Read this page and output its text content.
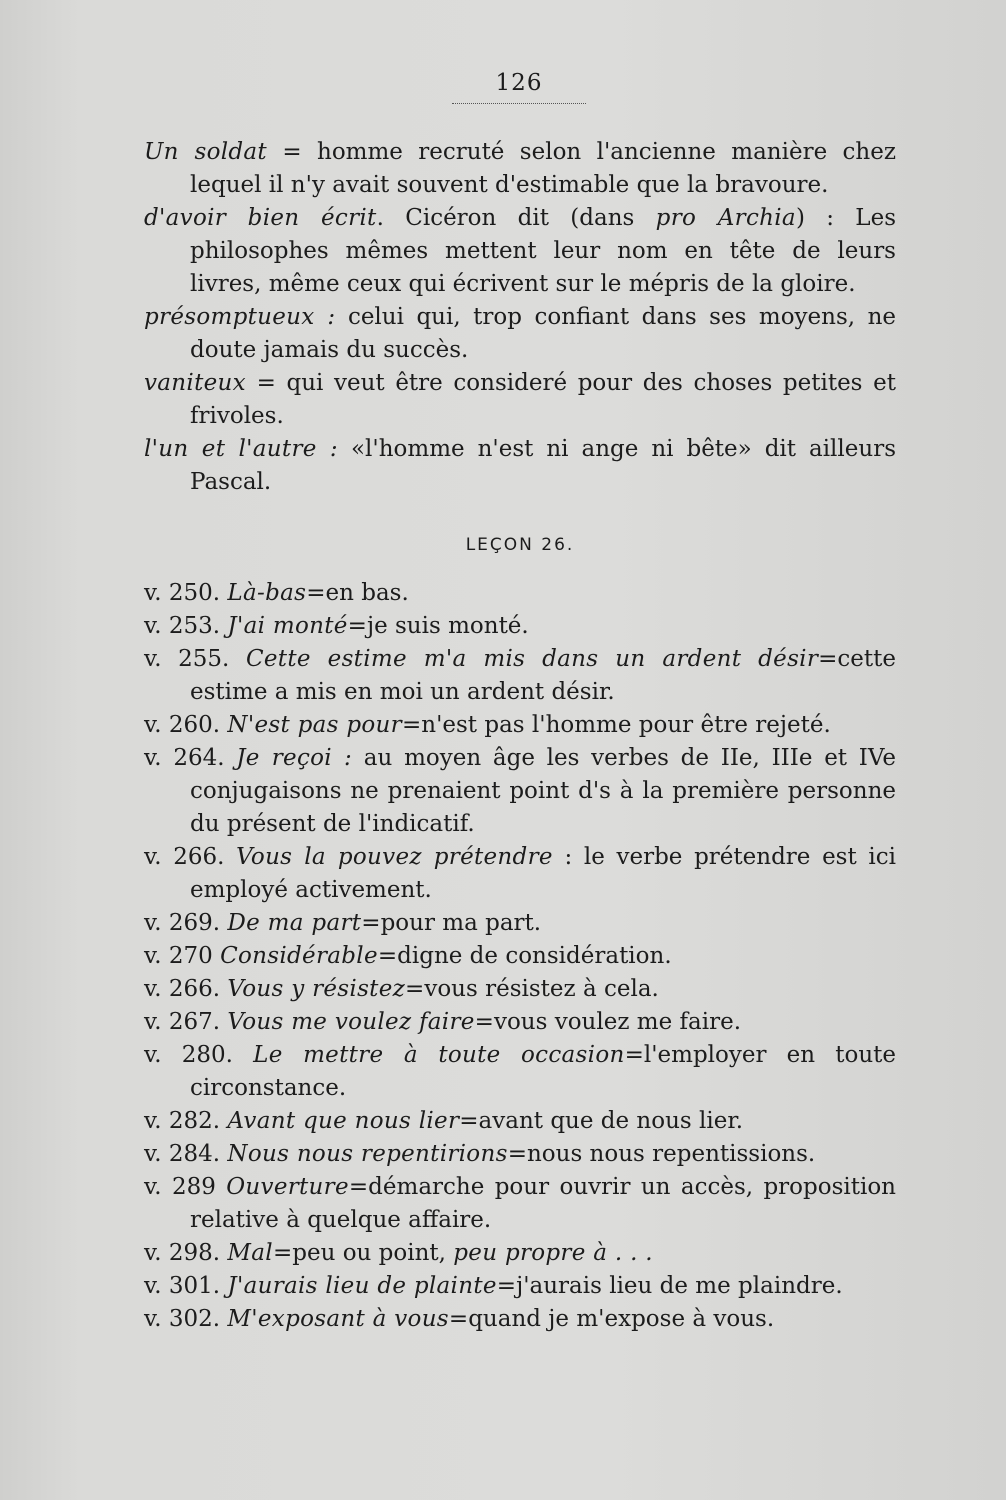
126

Un soldat = homme recruté selon l'ancienne manière chez lequel il n'y avait souvent d'estimable que la bravoure.

d'avoir bien écrit. Cicéron dit (dans pro Archia) : Les philosophes mêmes mettent leur nom en tête de leurs livres, même ceux qui écrivent sur le mépris de la gloire.

présomptueux : celui qui, trop confiant dans ses moyens, ne doute jamais du succès.

vaniteux = qui veut être consideré pour des choses petites et frivoles.

l'un et l'autre : «l'homme n'est ni ange ni bête» dit ailleurs Pascal.

LEÇON 26.

v. 250. Là-bas=en bas.

v. 253. J'ai monté=je suis monté.

v. 255. Cette estime m'a mis dans un ardent désir=cette estime a mis en moi un ardent désir.

v. 260. N'est pas pour=n'est pas l'homme pour être rejeté.

v. 264. Je reçoi : au moyen âge les verbes de IIe, IIIe et IVe conjugaisons ne prenaient point d's à la première personne du présent de l'indicatif.

v. 266. Vous la pouvez prétendre : le verbe prétendre est ici employé activement.

v. 269. De ma part=pour ma part.

v. 270 Considérable=digne de considération.

v. 266. Vous y résistez=vous résistez à cela.

v. 267. Vous me voulez faire=vous voulez me faire.

v. 280. Le mettre à toute occasion=l'employer en toute circonstance.

v. 282. Avant que nous lier=avant que de nous lier.

v. 284. Nous nous repentirions=nous nous repentissions.

v. 289 Ouverture=démarche pour ouvrir un accès, proposition relative à quelque affaire.

v. 298. Mal=peu ou point, peu propre à . . .

v. 301. J'aurais lieu de plainte=j'aurais lieu de me plaindre.

v. 302. M'exposant à vous=quand je m'expose à vous.
